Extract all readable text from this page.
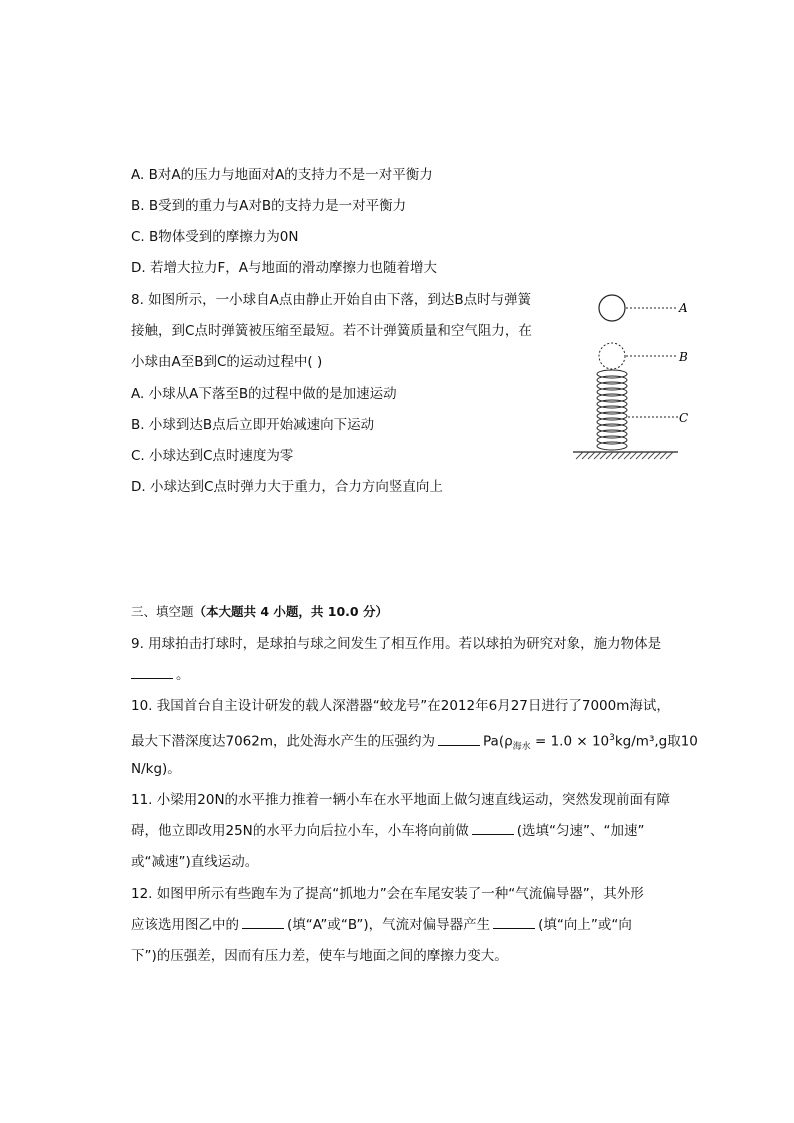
A. B对A的压力与地面对A的支持力不是一对平衡力
B. B受到的重力与A对B的支持力是一对平衡力
C. B物体受到的摩擦力为0N
D. 若增大拉力F，A与地面的滑动摩擦力也随着增大
8. 如图所示，一小球自A点由静止开始自由下落，到达B点时与弹簧
接触，到C点时弹簧被压缩至最短。若不计弹簧质量和空气阻力，在
小球由A至B到C的运动过程中( )
A. 小球从A下落至B的过程中做的是加速运动
B. 小球到达B点后立即开始减速向下运动
C. 小球达到C点时速度为零
D. 小球达到C点时弹力大于重力，合力方向竖直向上
A
B
C
三、填空题（本大题共 4 小题，共 10.0 分）
9. 用球拍击打球时，是球拍与球之间发生了相互作用。若以球拍为研究对象，施力物体是
。
10. 我国首台自主设计研发的载人深潜器“蛟龙号”在2012年6月27日进行了7000m海试，
最大下潜深度达7062m，此处海水产生的压强约为	$Pa(\rho_{海水} = 1.0 \times 10^3kg/m^3,g$取10
N/kg)。
11. 小梁用20N的水平推力推着一辆小车在水平地面上做匀速直线运动，突然发现前面有障
碍，他立即改用25N的水平力向后拉小车，小车将向前做	(选填“匀速”、“加速”
或“减速”)直线运动。
12. 如图甲所示有些跑车为了提高“抓地力”会在车尾安装了一种“气流偏导器”，其外形
应该选用图乙中的	(填“A”或“B”)，气流对偏导器产生	(填“向上”或“向
下”)的压强差，因而有压力差，使车与地面之间的摩擦力变大。
